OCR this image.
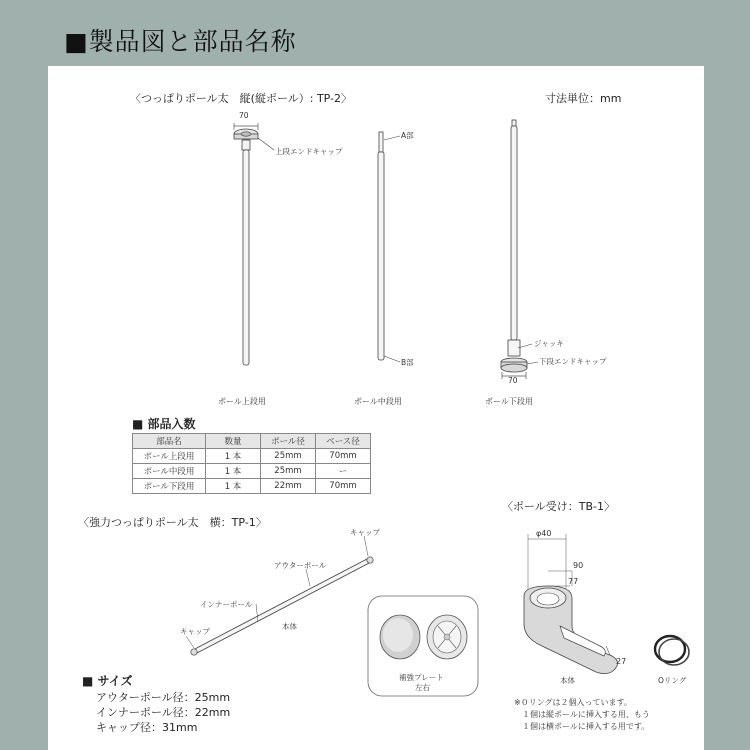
■製品図と部品名称
〈つっぱりポール太　縦(縦ポール）: TP-2〉	寸法単位：mm
70
上段エンドキャップ
ポール上段用
A部
B部
ポール中段用
ジャッキ
下段エンドキャップ
70
ポール下段用
■ 部品入数
部品名	数量	ポール径	ベース径
ポール上段用	1 本	25mm	70mm
ポール中段用	1 本	25mm	ー
ポール下段用	1 本	22mm	70mm
〈強力つっぱりポール太　横：TP-1〉
キャップ
アウターポール
インナーポール
キャップ
本体
補強プレート
左右
〈ポール受け：TB-1〉
φ40
90
77
27
本体	Oリング
※０リングは２個入っています。
１個は縦ポールに挿入する用、もう
１個は横ポールに挿入する用です。
■ サイズ
アウターポール径：25mm
インナーポール径：22mm
キャップ径：31mm
